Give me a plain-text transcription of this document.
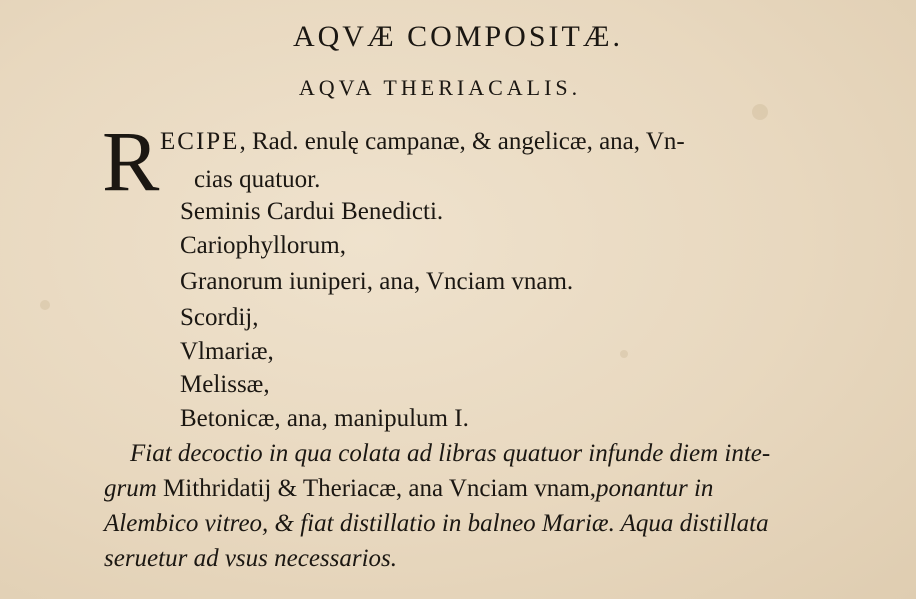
AQVÆ COMPOSITÆ.
AQVA THERIACALIS.
R ECIPE, Rad. enulę campanæ, & angelicæ, ana, Vn-
cias quatuor.
Seminis Cardui Benedicti.
Cariophyllorum,
Granorum iuniperi, ana, Vnciam vnam.
Scordij,
Vlmariæ,
Melissæ,
Betonicæ, ana, manipulum I.
Fiat decoctio in qua colata ad libras quatuor infunde diem inte-
grum Mithridatij & Theriacæ, ana Vnciam vnam,ponantur in
Alembico vitreo, & fiat distillatio in balneo Mariæ. Aqua distillata
seruetur ad vsus necessarios.
